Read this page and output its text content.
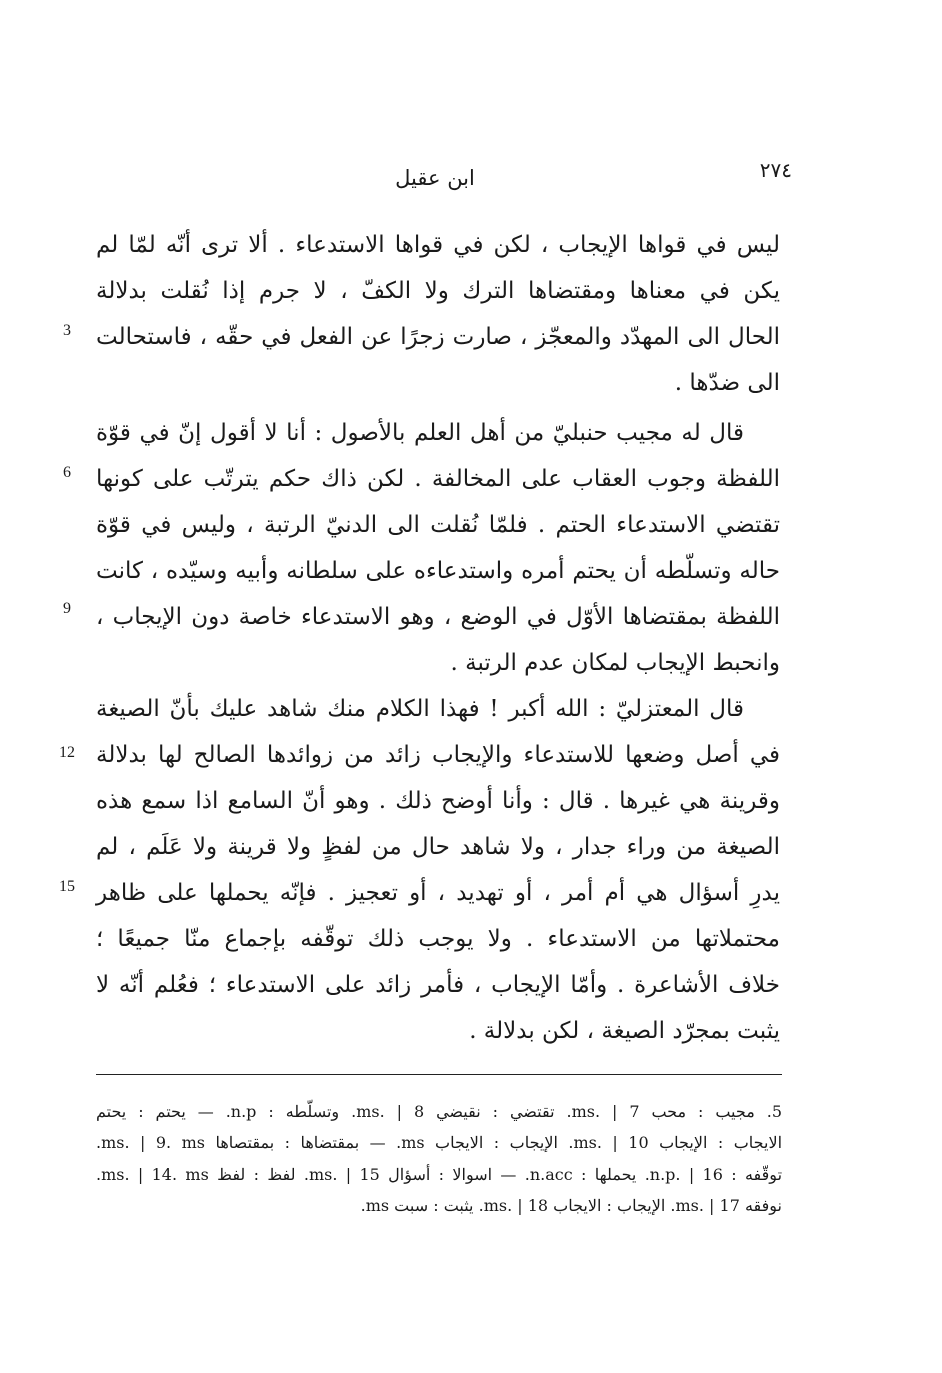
ابن عقيل	٢٧٤
ليس في قواها الإيجاب ، لكن في قواها الاستدعاء . ألا ترى أنّه لمّا لم
يكن في معناها ومقتضاها الترك ولا الكفّ ، لا جرم إذا نُقلت بدلالة
الحال الى المهدّد والمعجّز ، صارت زجرًا عن الفعل في حقّه ، فاستحالت
الى ضدّها .
قال له مجيب حنبليّ من أهل العلم بالأصول : أنا لا أقول إنّ في قوّة
اللفظة وجوب العقاب على المخالفة . لكن ذاك حكم يترتّب على كونها
تقتضي الاستدعاء الحتم . فلمّا نُقلت الى الدنيّ الرتبة ، وليس في قوّة
حاله وتسلّطه أن يحتم أمره واستدعاءه على سلطانه وأبيه وسيّده ، كانت
اللفظة بمقتضاها الأوّل في الوضع ، وهو الاستدعاء خاصة دون الإيجاب ،
وانحبط الإيجاب لمكان عدم الرتبة .
قال المعتزليّ : الله أكبر ! فهذا الكلام منك شاهد عليك بأنّ الصيغة
في أصل وضعها للاستدعاء والإيجاب زائد من زوائدها الصالح لها بدلالة
وقرينة هي غيرها . قال : وأنا أوضح ذلك . وهو أنّ السامع اذا سمع هذه
الصيغة من وراء جدار ، ولا شاهد حال من لفظٍ ولا قرينة ولا عَلَم ، لم
يدرِ أسؤال هي أم أمر ، أو تهديد ، أو تعجيز . فإنّه يحملها على ظاهر
محتملاتها من الاستدعاء . ولا يوجب ذلك توقّفه بإجماع منّا جميعًا ؛
خلاف الأشاعرة . وأمّا الإيجاب ، فأمر زائد على الاستدعاء ؛ فعُلم أنّه لا
يثبت بمجرّد الصيغة ، لكن بدلالة .
3
6
9
12
15
5. مجيب : محب ms. | 7. تقتضي : نقيضي ms. | 8. وتسلّطه : n.p. — يحتم : يحتم
الايجاب : الإيجاب ms. | 10. الإيجاب : الايجاب ms. — بمقتضاها : بمقتصاها ms. | 9. ms.
توقّفه : n.p. | 16. يحملها : n.acc. — اسوالا : أسؤال ms. | 15. لفظ : لفظ ms. | 14. ms.
نوفقه ms. | 17. الإيجاب : الايجاب ms. | 18. يثبت : سبت ms.
